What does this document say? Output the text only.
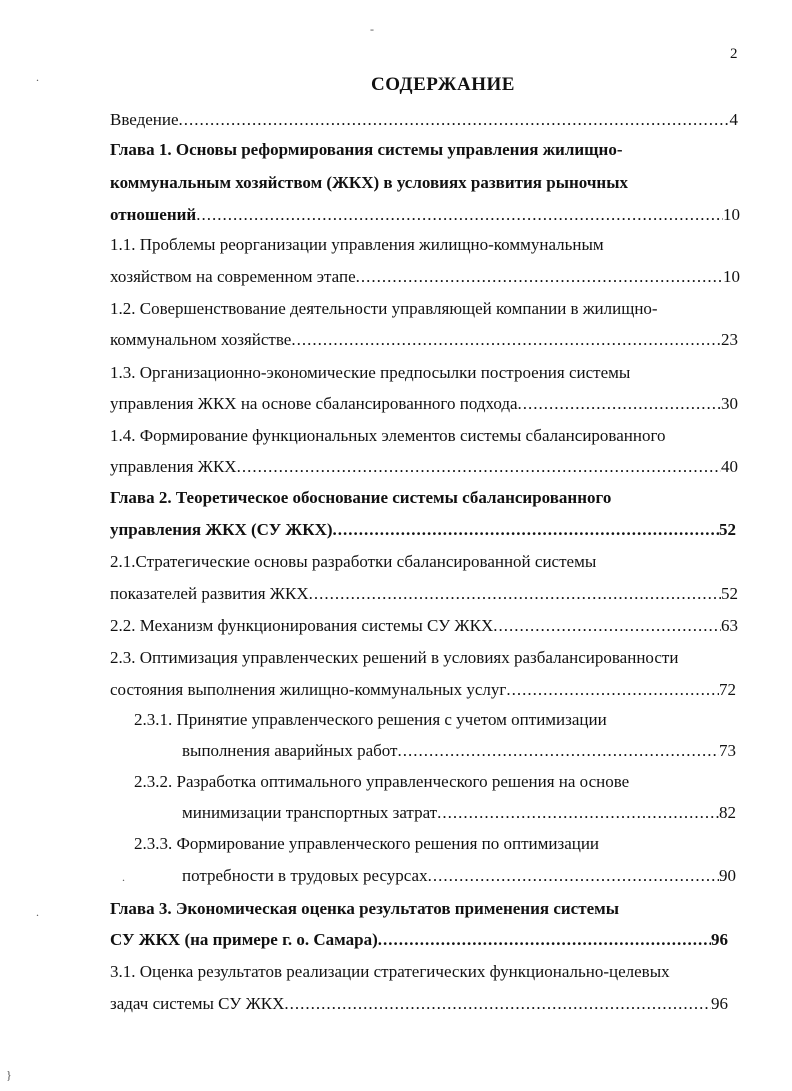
2
СОДЕРЖАНИЕ
Введение .....	4
Глава 1. Основы реформирования системы управления жилищно-
коммунальным хозяйством (ЖКХ) в условиях развития рыночных
отношений .....	10
1.1. Проблемы реорганизации управления жилищно-коммунальным
хозяйством на современном этапе .....	10
1.2. Совершенствование деятельности управляющей компании в жилищно-
коммунальном хозяйстве .....	23
1.3. Организационно-экономические предпосылки построения системы
управления ЖКХ на основе сбалансированного подхода .....	30
1.4. Формирование функциональных элементов системы сбалансированного
управления ЖКХ .....	40
Глава 2. Теоретическое обоснование системы сбалансированного
управления ЖКХ (СУ ЖКХ) .....	52
2.1.Стратегические основы разработки сбалансированной системы
показателей развития ЖКХ .....	52
2.2. Механизм функционирования системы СУ ЖКХ .....	63
2.3. Оптимизация управленческих решений в условиях разбалансированности
состояния выполнения жилищно-коммунальных услуг .....	72
2.3.1. Принятие управленческого решения с учетом оптимизации
выполнения аварийных работ .....	73
2.3.2. Разработка оптимального управленческого решения на основе
минимизации транспортных затрат .....	82
2.3.3. Формирование управленческого решения по оптимизации
потребности в трудовых ресурсах .....	90
Глава 3. Экономическая оценка результатов применения системы
СУ ЖКХ (на примере г. о. Самара) .....	96
3.1. Оценка результатов реализации стратегических функционально-целевых
задач системы СУ ЖКХ .....	96
-
.
.
.
}
